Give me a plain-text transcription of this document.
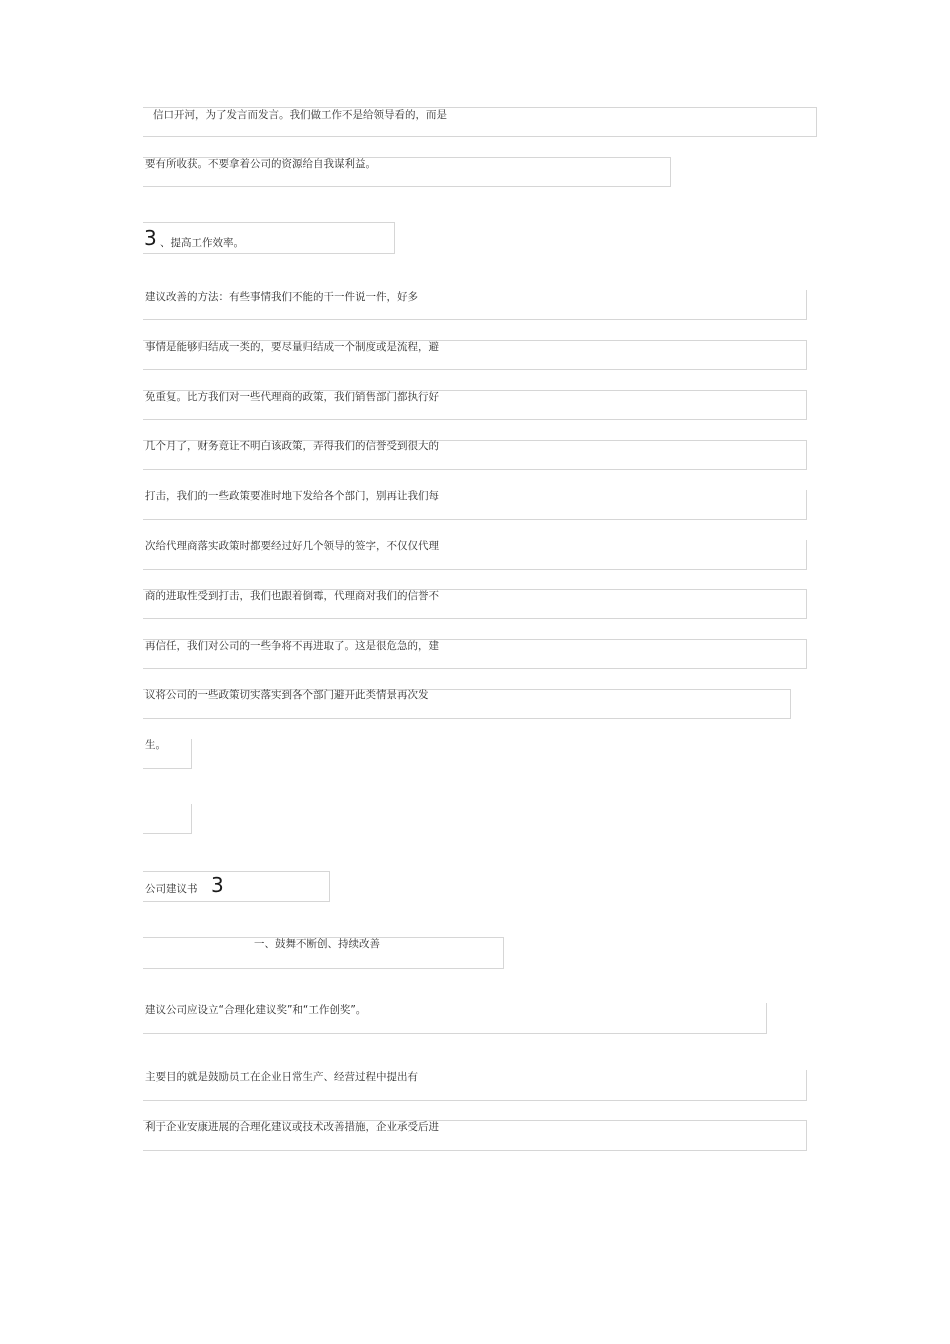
信口开河，为了发言而发言。我们做工作不是给领导看的，而是
要有所收获。不要拿着公司的资源给自我谋利益。
3 、提高工作效率。
建议改善的方法：有些事情我们不能的干一件说一件，好多
事情是能够归结成一类的，要尽量归结成一个制度或是流程，避
免重复。比方我们对一些代理商的政策，我们销售部门都执行好
几个月了，财务竟让不明白该政策，弄得我们的信誉受到很大的
打击，我们的一些政策要准时地下发给各个部门，别再让我们每
次给代理商落实政策时都要经过好几个领导的签字，不仅仅代理
商的进取性受到打击，我们也跟着倒霉，代理商对我们的信誉不
再信任，我们对公司的一些争将不再进取了。这是很危急的，建
议将公司的一些政策切实落实到各个部门避开此类情景再次发
生。
公司建议书 3
一、鼓舞不断创、持续改善
建议公司应设立“合理化建议奖”和“工作创奖”。
主要目的就是鼓励员工在企业日常生产、经营过程中提出有
利于企业安康进展的合理化建议或技术改善措施，企业承受后进
